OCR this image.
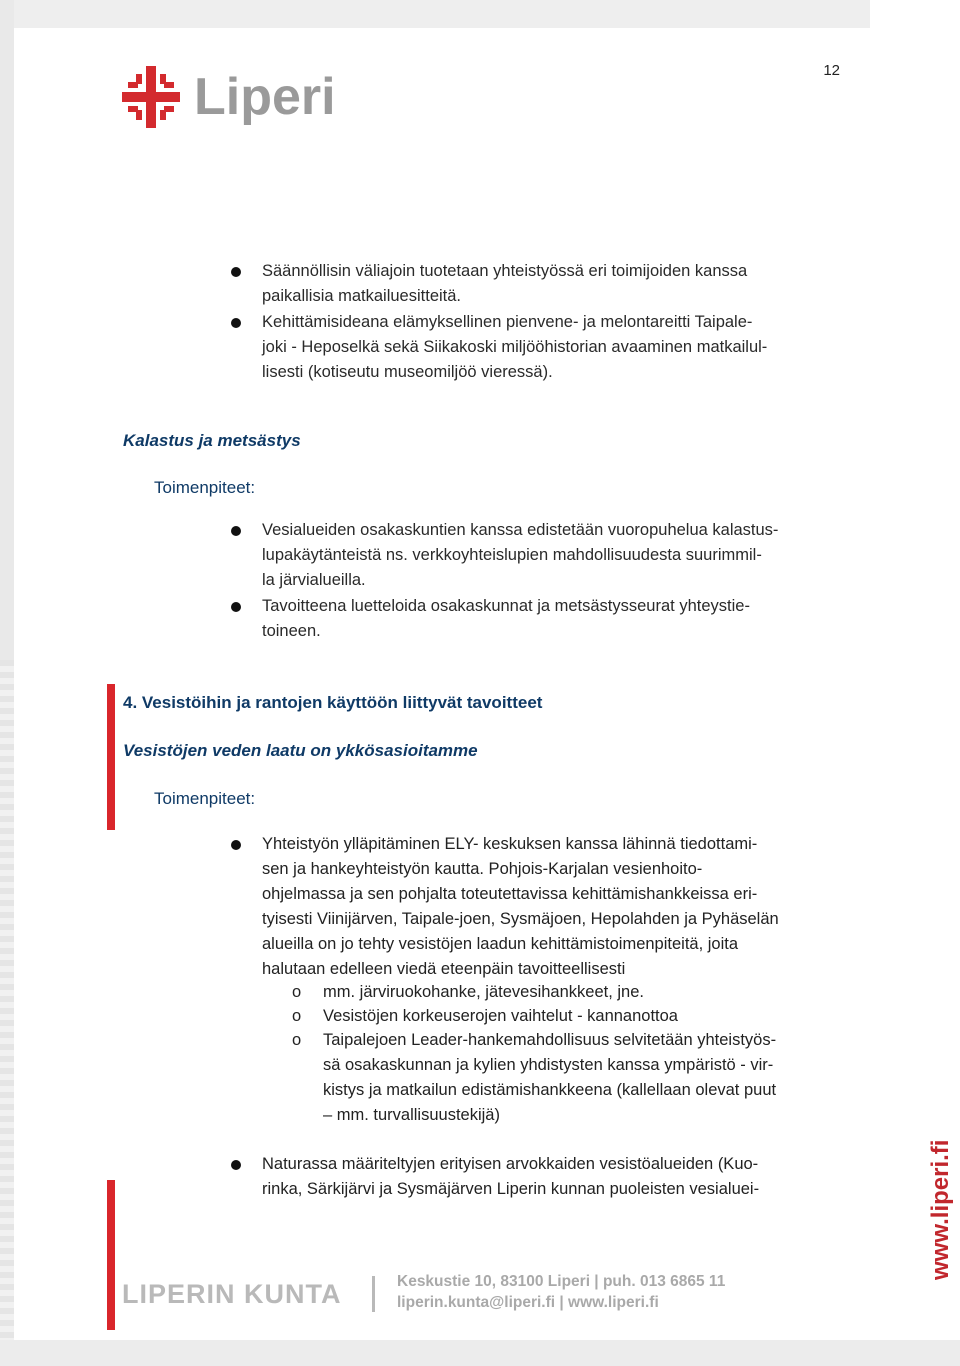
12
Liperi
Säännöllisin väliajoin tuotetaan yhteistyössä eri toimijoiden kanssa
paikallisia matkailuesitteitä.
Kehittämisideana elämyksellinen pienvene- ja melontareitti Taipale-
joki - Heposelkä sekä Siikakoski miljööhistorian avaaminen matkailul-
lisesti (kotiseutu museomiljöö vieressä).
Kalastus ja metsästys
Toimenpiteet:
Vesialueiden osakaskuntien kanssa edistetään vuoropuhelua kalastus-
lupakäytänteistä ns. verkkoyhteislupien mahdollisuudesta suurimmil-
la järvialueilla.
Tavoitteena luetteloida osakaskunnat ja metsästysseurat yhteystie-
toineen.
4. Vesistöihin ja rantojen käyttöön liittyvät tavoitteet
Vesistöjen veden laatu on ykkösasioitamme
Toimenpiteet:
Yhteistyön ylläpitäminen ELY- keskuksen kanssa lähinnä tiedottami-
sen ja hankeyhteistyön kautta. Pohjois-Karjalan vesienhoito-
ohjelmassa ja sen pohjalta toteutettavissa kehittämishankkeissa eri-
tyisesti Viinijärven, Taipale-joen, Sysmäjoen, Hepolahden ja Pyhäselän
alueilla on jo tehty vesistöjen laadun kehittämistoimenpiteitä, joita
halutaan edelleen viedä eteenpäin tavoitteellisesti
o mm. järviruokohanke, jätevesihankkeet, jne.
o Vesistöjen korkeuserojen vaihtelut - kannanottoa
o Taipalejoen Leader-hankemahdollisuus selvitetään yhteistyös-
sä osakaskunnan ja kylien yhdistysten kanssa ympäristö - vir-
kistys ja matkailun edistämishankkeena (kallellaan olevat puut
– mm. turvallisuustekijä)
Naturassa määriteltyjen erityisen arvokkaiden vesistöalueiden (Kuo-
rinka, Särkijärvi ja Sysmäjärven Liperin kunnan puoleisten vesialuei-	www.liperi.fi
LIPERIN KUNTA	Keskustie 10, 83100 Liperi | puh. 013 6865 11
liperin.kunta@liperi.fi | www.liperi.fi
